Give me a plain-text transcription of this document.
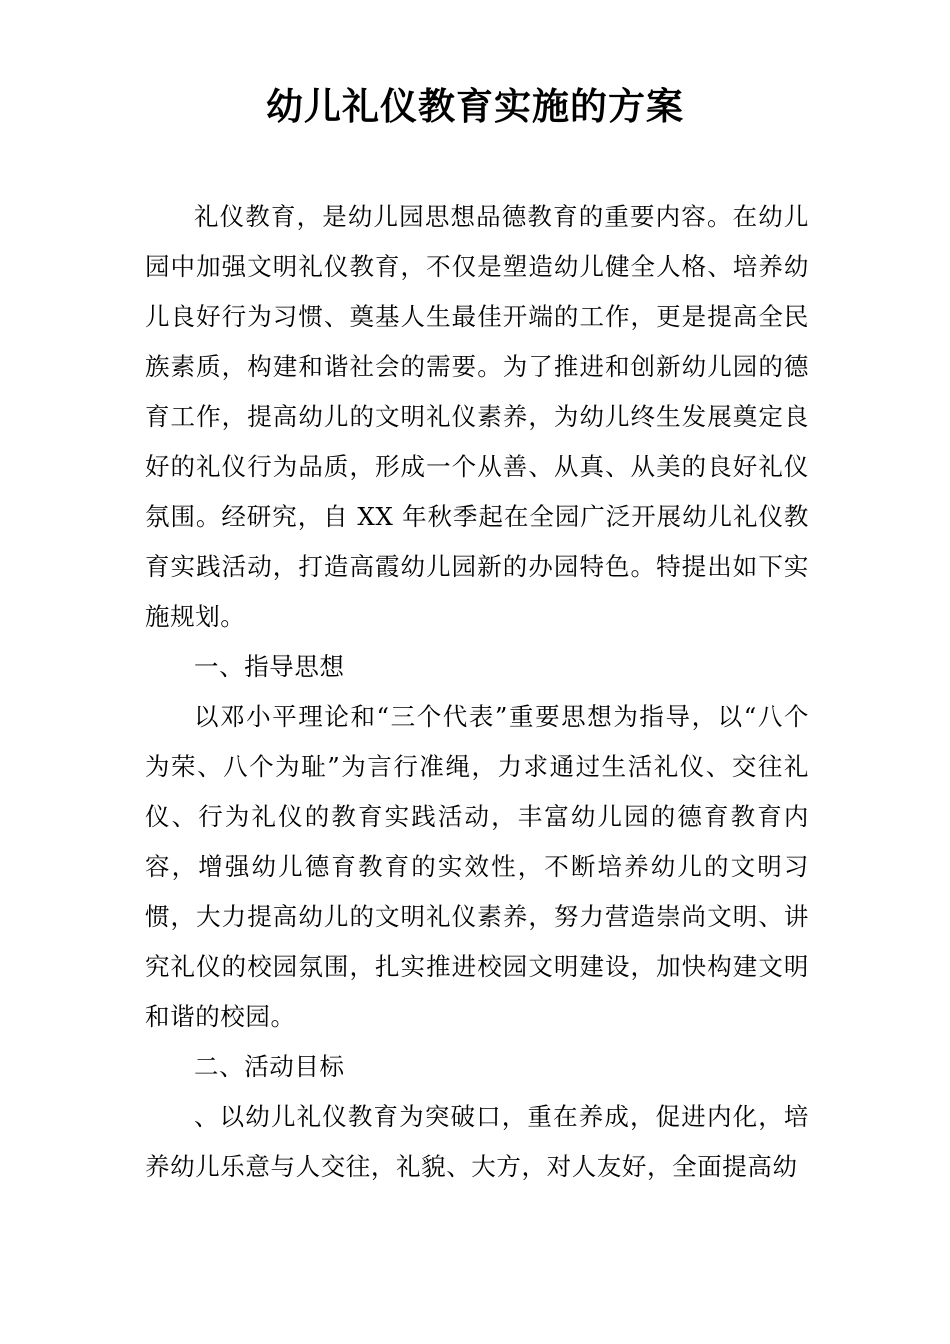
幼儿礼仪教育实施的方案

礼仪教育，是幼儿园思想品德教育的重要内容。在幼儿园中加强文明礼仪教育，不仅是塑造幼儿健全人格、培养幼儿良好行为习惯、奠基人生最佳开端的工作，更是提高全民族素质，构建和谐社会的需要。为了推进和创新幼儿园的德育工作，提高幼儿的文明礼仪素养，为幼儿终生发展奠定良好的礼仪行为品质，形成一个从善、从真、从美的良好礼仪氛围。经研究，自 XX 年秋季起在全园广泛开展幼儿礼仪教育实践活动，打造高霞幼儿园新的办园特色。特提出如下实施规划。

一、指导思想

以邓小平理论和“三个代表”重要思想为指导，以“八个为荣、八个为耻”为言行准绳，力求通过生活礼仪、交往礼仪、行为礼仪的教育实践活动，丰富幼儿园的德育教育内容，增强幼儿德育教育的实效性，不断培养幼儿的文明习惯，大力提高幼儿的文明礼仪素养，努力营造崇尚文明、讲究礼仪的校园氛围，扎实推进校园文明建设，加快构建文明和谐的校园。

二、活动目标

、以幼儿礼仪教育为突破口，重在养成，促进内化，培养幼儿乐意与人交往，礼貌、大方，对人友好，全面提高幼
